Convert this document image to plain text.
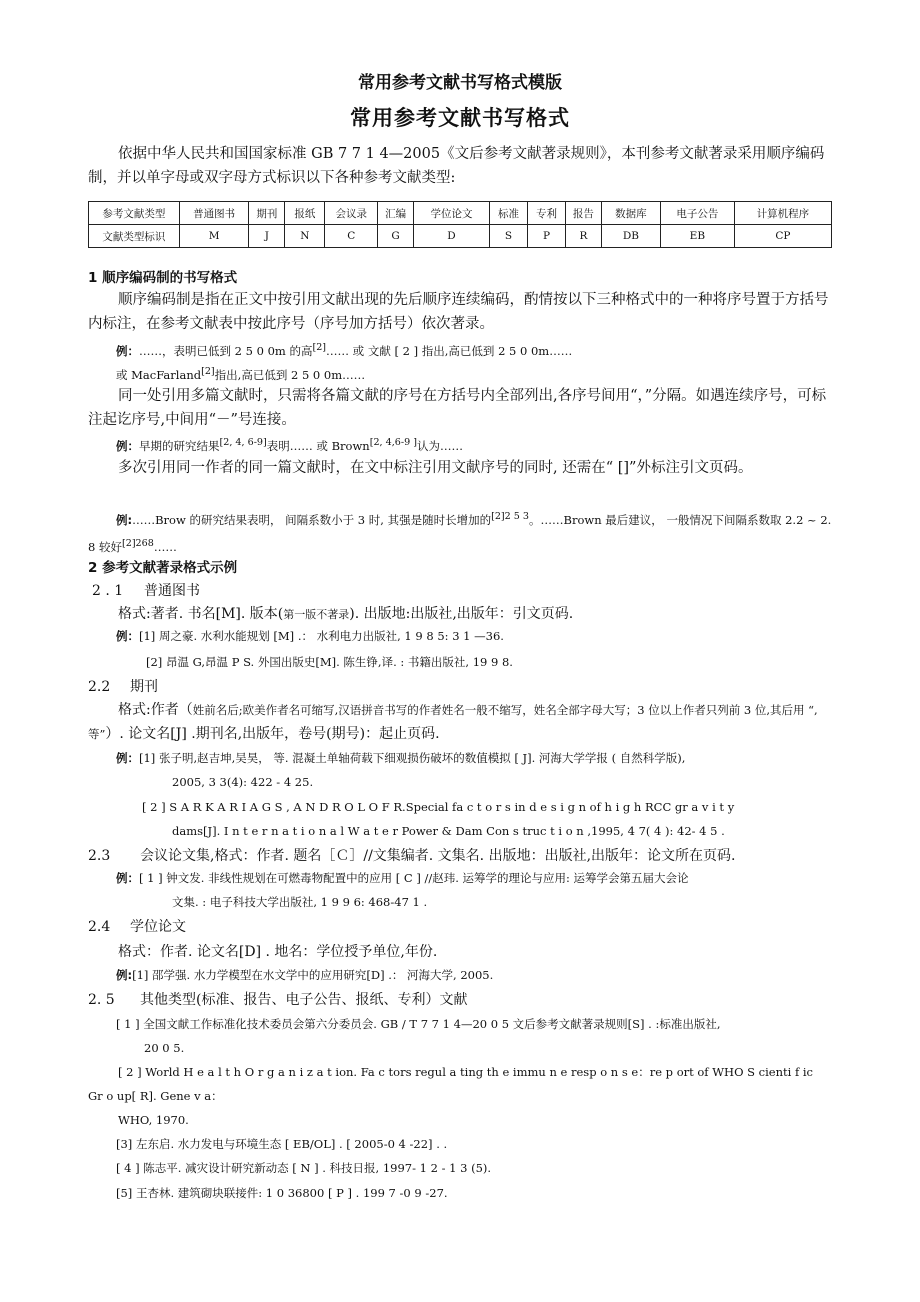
常用参考文献书写格式模版
常用参考文献书写格式
依据中华人民共和国国家标准 GB 7 7 1 4—2005《文后参考文献著录规则》，本刊参考文献著录采用顺序编码制，并以单字母或双字母方式标识以下各种参考文献类型:
参考文献类型	普通图书	期刊	报纸	会议录	汇编	学位论文	标准	专利	报告	数据库	电子公告	计算机程序
文献类型标识	M	J	N	C	G	D	S	P	R	DB	EB	CP
1 顺序编码制的书写格式
顺序编码制是指在正文中按引用文献出现的先后顺序连续编码，酌情按以下三种格式中的一种将序号置于方括号内标注，在参考文献表中按此序号（序号加方括号）依次著录。
例：……，表明已低到 2 5 0 0m 的高[2]…… 或 文献 [ 2 ] 指出,高已低到 2 5 0 0m……
或 MacFarland[2]指出,高已低到 2 5 0 0m……
同一处引用多篇文献时，只需将各篇文献的序号在方括号内全部列出,各序号间用“，”分隔。如遇连续序号，可标注起讫序号,中间用“－”号连接。
例：早期的研究结果[2, 4, 6-9]表明…… 或 Brown[2, 4,6-9 ]认为……
多次引用同一作者的同一篇文献时，在文中标注引用文献序号的同时, 还需在“ []”外标注引文页码。
例:……Brow 的研究结果表明， 间隔系数小于 3 时, 其强是随时长增加的$^{[2]2 5 3}$。……Brown 最后建议， 一般情况下间隔系数取 2.2 ~ 2. 8 较好$^{[2]268}$……
2 参考文献著录格式示例
2 . 1 普通图书
格式:著者. 书名[M]. 版本(第一版不著录). 出版地:出版社,出版年：引文页码.
例：[1] 周之豪. 水利水能规划 [M] .： 水利电力出版社, 1 9 8 5: 3 1 —36.
[2] 昂温 G,昂温 P S. 外国出版史[M]. 陈生铮,译. : 书籍出版社, 19 9 8.
2.2 期刊
格式:作者（姓前名后;欧美作者名可缩写,汉语拼音书写的作者姓名一般不缩写，姓名全部字母大写；3 位以上作者只列前 3 位,其后用 “,等”）. 论文名[J] .期刊名,出版年，卷号(期号)：起止页码.
例：[1] 张子明,赵吉坤,吴昊， 等. 混凝土单轴荷载下细观损伤破坏的数值模拟 [ J]. 河海大学学报 ( 自然科学版),
2005, 3 3(4): 422 - 4 25.
[ 2 ] S A R K A R I A G S , A N D R O L O F R.Special fa c t o r s in d e s i g n of h i g h RCC gr a v i t y
dams[J]. I n t e r n a t i o n a l W a t e r Power & Dam Con s truc t i o n ,1995, 4 7( 4 ): 42- 4 5 .
2.3 会议论文集,格式：作者. 题名［Ｃ］//文集编者. 文集名. 出版地：出版社,出版年：论文所在页码.
例：[ 1 ] 钟文发. 非线性规划在可燃毒物配置中的应用 [ C ] //赵玮. 运筹学的理论与应用: 运筹学会第五届大会论
文集. : 电子科技大学出版社, 1 9 9 6: 468-47 1 .
2.4 学位论文
格式：作者. 论文名[D] . 地名：学位授予单位,年份.
例:[1] 邵学强. 水力学模型在水文学中的应用研究[D] .： 河海大学, 2005.
2. 5 其他类型(标准、报告、电子公告、报纸、专利）文献
[ 1 ] 全国文献工作标准化技术委员会第六分委员会. GB / T 7 7 1 4—20 0 5 文后参考文献著录规则[S] . :标准出版社,
20 0 5.
[ 2 ] World H e a l t h O r g a n i z a t ion. Fa c tors regul a ting th e immu n e resp o n s e：re p ort of WHO S cienti f ic
Gr o up[ R]. Gene v a：
WHO, 1970.
[3] 左东启. 水力发电与环境生态 [ EB/OL] . [ 2005-0 4 -22] . .
[ 4 ] 陈志平. 减灾设计研究新动态 [ N ] . 科技日报, 1997- 1 2 - 1 3 (5).
[5] 王杏林. 建筑砌块联接件: 1 0 36800 [ P ] . 199 7 -0 9 -27.
